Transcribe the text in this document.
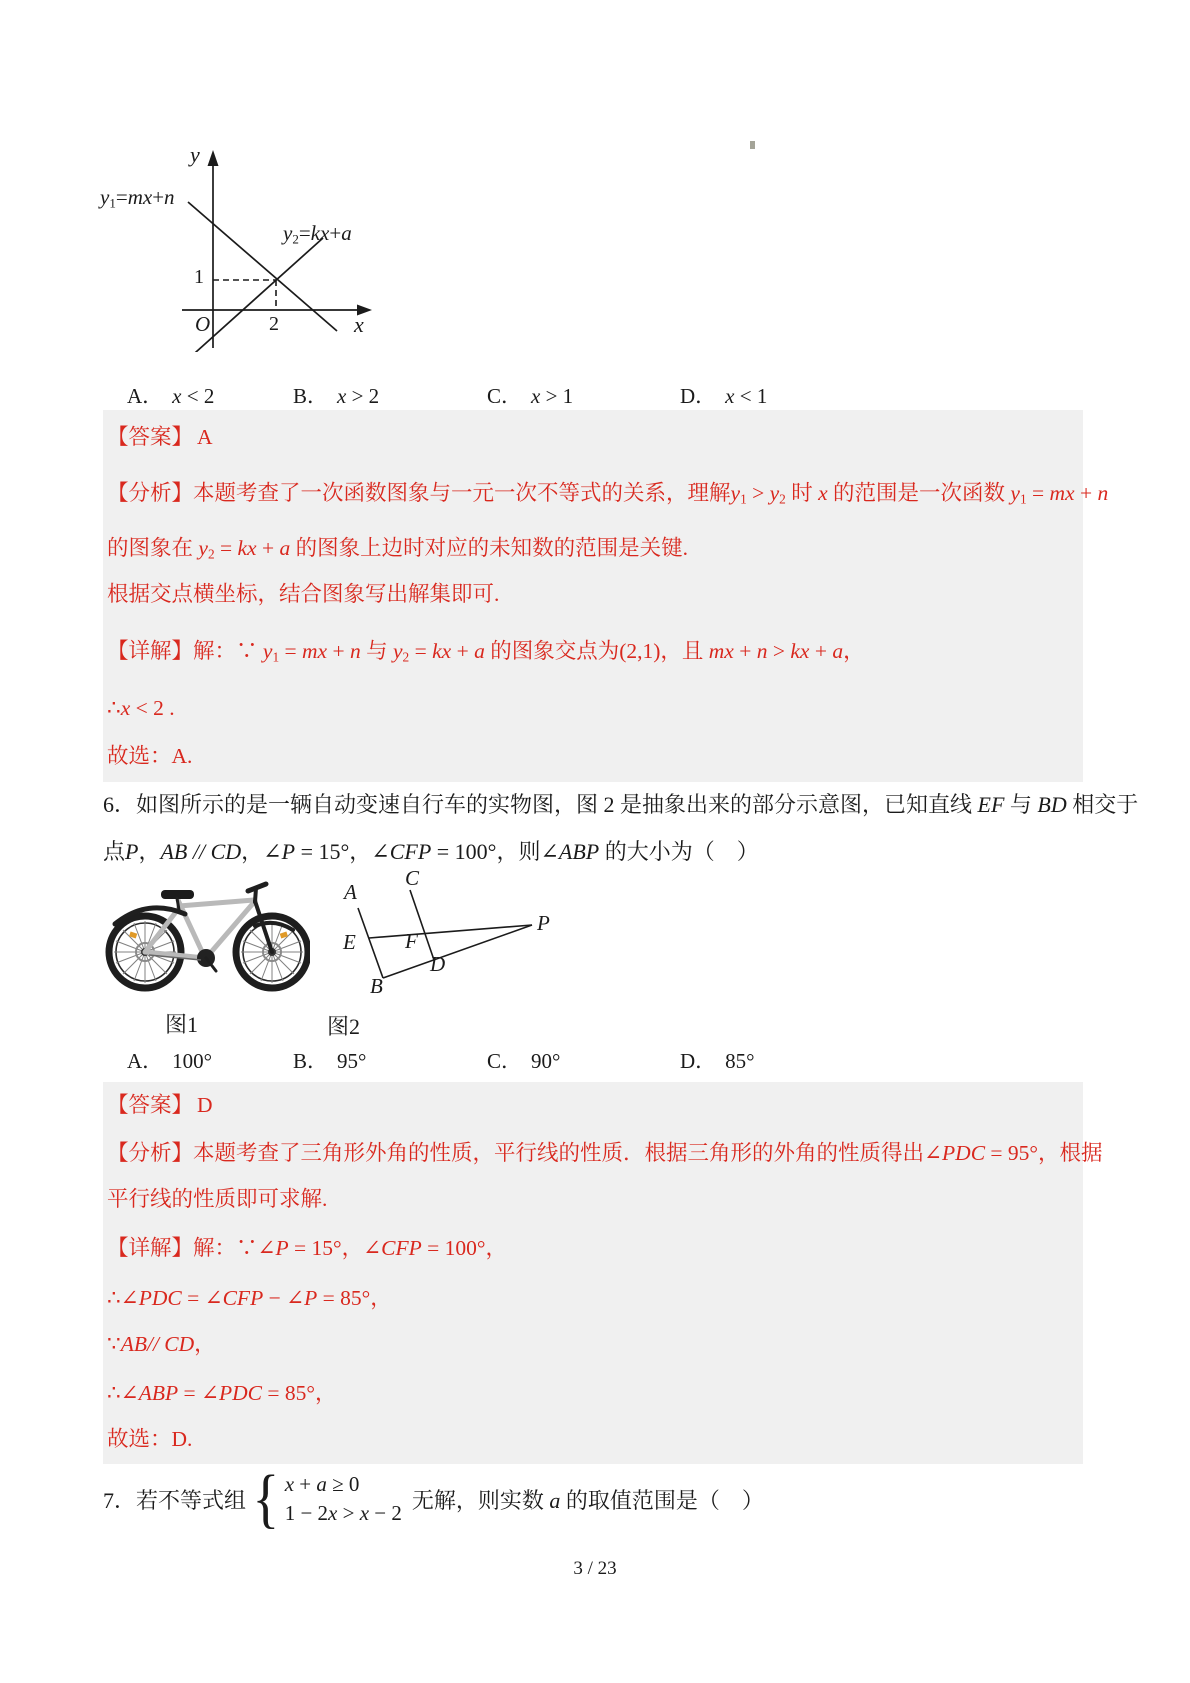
y
y1=mx+n
y2=kx+a
1
O	2	x
A． x < 2	B． x > 2	C． x > 1	D． x < 1
【答案】 A
【分析】本题考查了一次函数图象与一元一次不等式的关系，理解y1 > y2 时 x 的范围是一次函数 y1 = mx + n
的图象在 y2 = kx + a 的图象上边时对应的未知数的范围是关键.
根据交点横坐标，结合图象写出解集即可.
【详解】解：∵ y1 = mx + n 与 y2 = kx + a 的图象交点为(2,1)，且 mx + n > kx + a，
∴x < 2 .
故选：A.
6．如图所示的是一辆自动变速自行车的实物图，图 2 是抽象出来的部分示意图，已知直线 EF 与 BD 相交于
点P，AB // CD，∠P = 15°，∠CFP = 100°，则∠ABP 的大小为（　）
A
C
E F
B
D
P
图1	图2
A． 100°	B． 95°	C． 90°	D． 85°
【答案】 D
【分析】本题考查了三角形外角的性质，平行线的性质．根据三角形的外角的性质得出∠PDC = 95°，根据
平行线的性质即可求解.
【详解】解：∵∠P = 15°，∠CFP = 100°，
∴∠PDC = ∠CFP − ∠P = 85°，
∵AB// CD，
∴∠ABP = ∠PDC = 85°，
故选：D.
7．若不等式组 { x + a ≥ 0
1 − 2x > x − 2 无解，则实数 a 的取值范围是（　）
3 / 23
